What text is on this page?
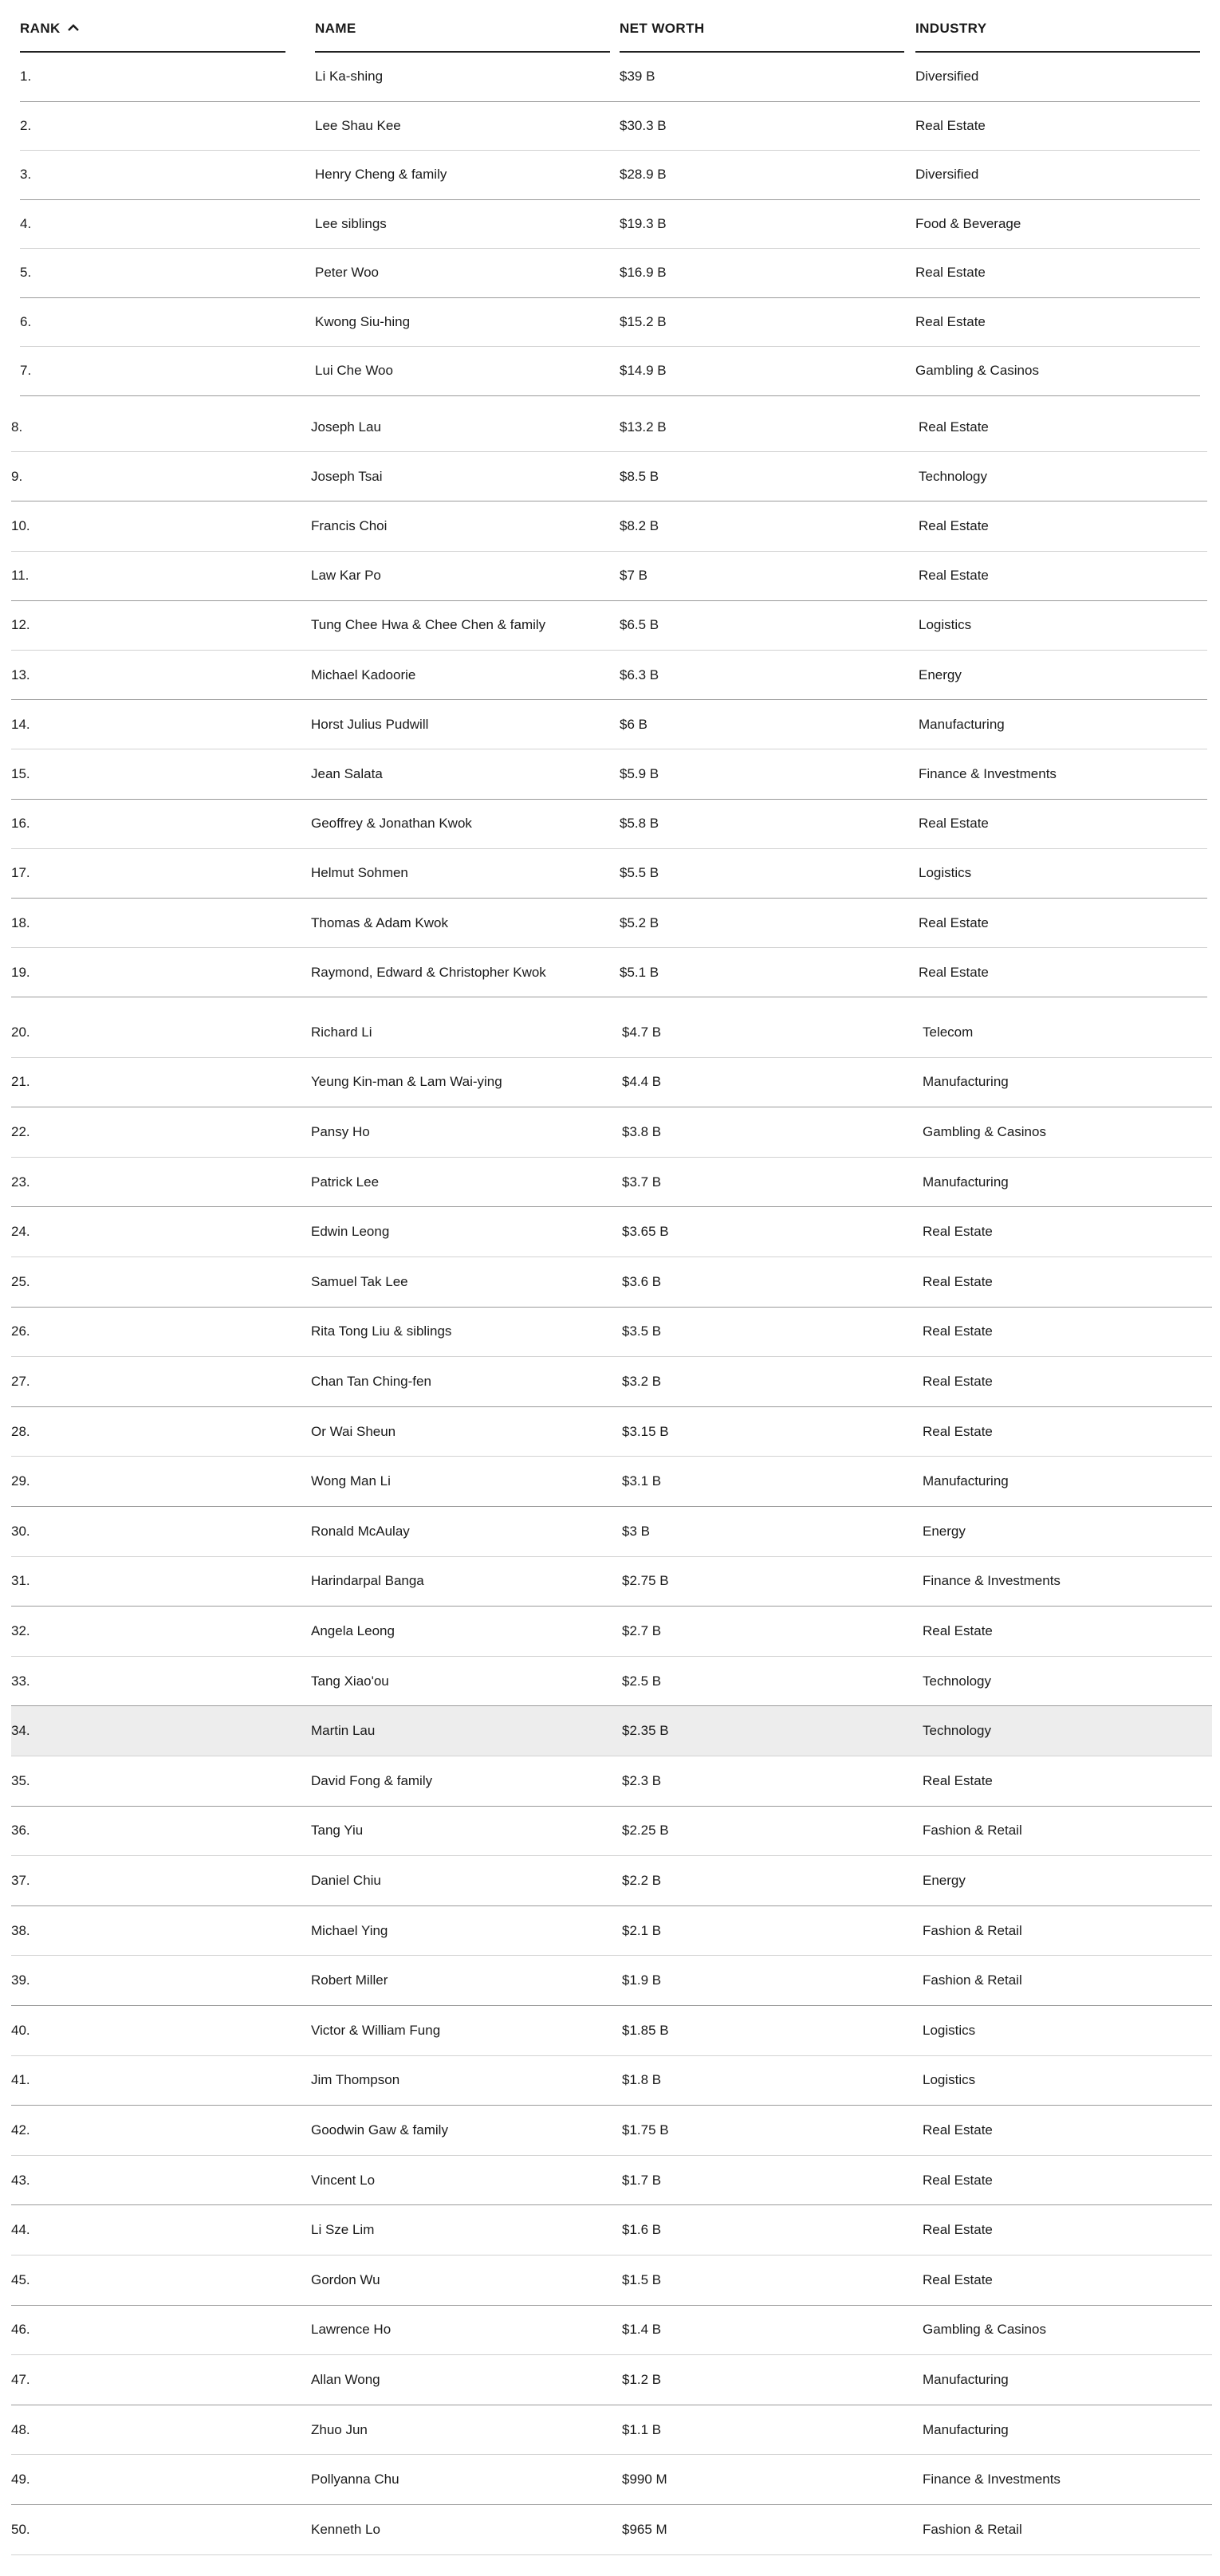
RANK	NAME	NET WORTH	INDUSTRY
1.	Li Ka-shing	$39 B	Diversified
2.	Lee Shau Kee	$30.3 B	Real Estate
3.	Henry Cheng & family	$28.9 B	Diversified
4.	Lee siblings	$19.3 B	Food & Beverage
5.	Peter Woo	$16.9 B	Real Estate
6.	Kwong Siu-hing	$15.2 B	Real Estate
7.	Lui Che Woo	$14.9 B	Gambling & Casinos
8.	Joseph Lau	$13.2 B	Real Estate
9.	Joseph Tsai	$8.5 B	Technology
10.	Francis Choi	$8.2 B	Real Estate
11.	Law Kar Po	$7 B	Real Estate
12.	Tung Chee Hwa & Chee Chen & family	$6.5 B	Logistics
13.	Michael Kadoorie	$6.3 B	Energy
14.	Horst Julius Pudwill	$6 B	Manufacturing
15.	Jean Salata	$5.9 B	Finance & Investments
16.	Geoffrey & Jonathan Kwok	$5.8 B	Real Estate
17.	Helmut Sohmen	$5.5 B	Logistics
18.	Thomas & Adam Kwok	$5.2 B	Real Estate
19.	Raymond, Edward & Christopher Kwok	$5.1 B	Real Estate
20.	Richard Li	$4.7 B	Telecom
21.	Yeung Kin-man & Lam Wai-ying	$4.4 B	Manufacturing
22.	Pansy Ho	$3.8 B	Gambling & Casinos
23.	Patrick Lee	$3.7 B	Manufacturing
24.	Edwin Leong	$3.65 B	Real Estate
25.	Samuel Tak Lee	$3.6 B	Real Estate
26.	Rita Tong Liu & siblings	$3.5 B	Real Estate
27.	Chan Tan Ching-fen	$3.2 B	Real Estate
28.	Or Wai Sheun	$3.15 B	Real Estate
29.	Wong Man Li	$3.1 B	Manufacturing
30.	Ronald McAulay	$3 B	Energy
31.	Harindarpal Banga	$2.75 B	Finance & Investments
32.	Angela Leong	$2.7 B	Real Estate
33.	Tang Xiao'ou	$2.5 B	Technology
34.	Martin Lau	$2.35 B	Technology
35.	David Fong & family	$2.3 B	Real Estate
36.	Tang Yiu	$2.25 B	Fashion & Retail
37.	Daniel Chiu	$2.2 B	Energy
38.	Michael Ying	$2.1 B	Fashion & Retail
39.	Robert Miller	$1.9 B	Fashion & Retail
40.	Victor & William Fung	$1.85 B	Logistics
41.	Jim Thompson	$1.8 B	Logistics
42.	Goodwin Gaw & family	$1.75 B	Real Estate
43.	Vincent Lo	$1.7 B	Real Estate
44.	Li Sze Lim	$1.6 B	Real Estate
45.	Gordon Wu	$1.5 B	Real Estate
46.	Lawrence Ho	$1.4 B	Gambling & Casinos
47.	Allan Wong	$1.2 B	Manufacturing
48.	Zhuo Jun	$1.1 B	Manufacturing
49.	Pollyanna Chu	$990 M	Finance & Investments
50.	Kenneth Lo	$965 M	Fashion & Retail
